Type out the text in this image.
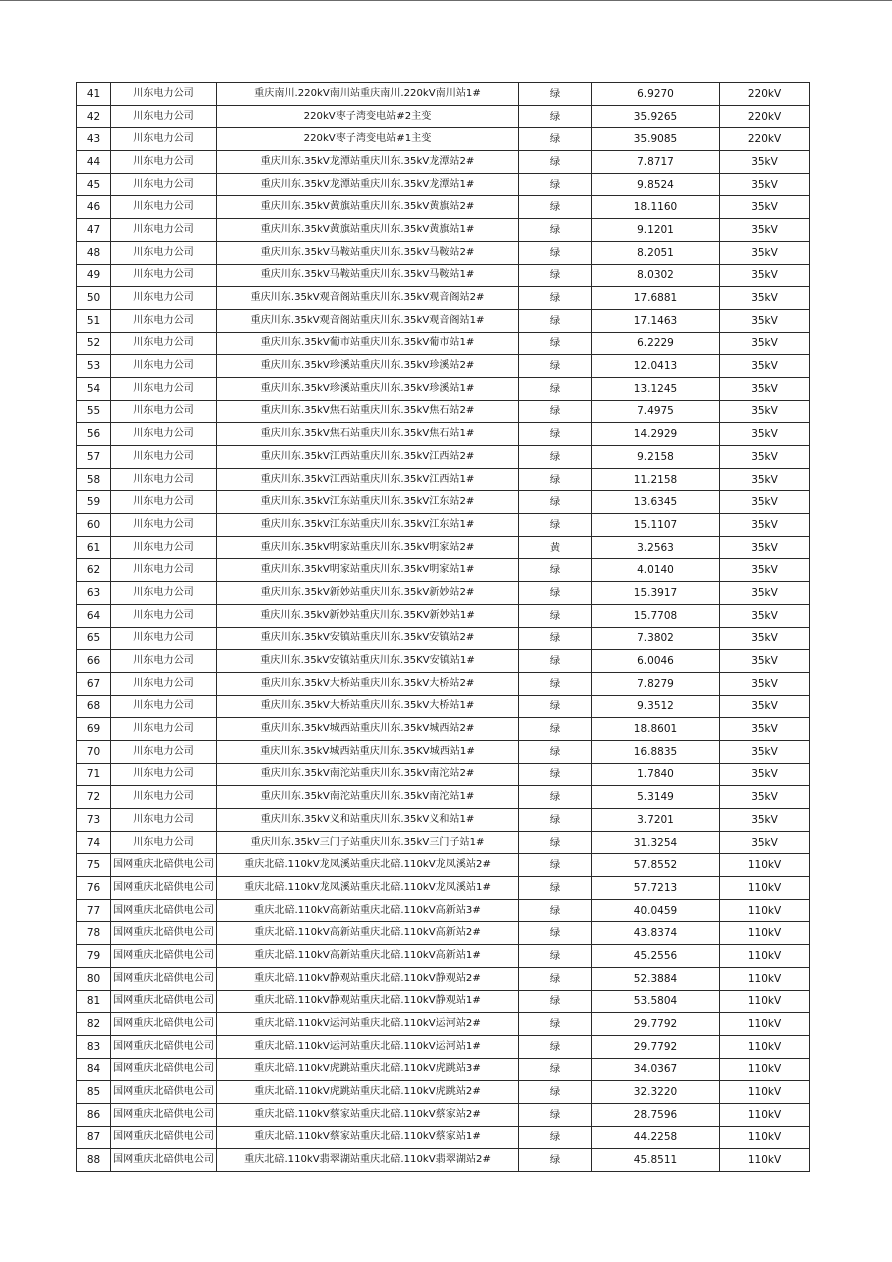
41	川东电力公司	重庆南川.220kV南川站重庆南川.220kV南川站1#	绿	6.9270	220kV
42	川东电力公司	220kV枣子湾变电站#2主变	绿	35.9265	220kV
43	川东电力公司	220kV枣子湾变电站#1主变	绿	35.9085	220kV
44	川东电力公司	重庆川东.35kV龙潭站重庆川东.35kV龙潭站2#	绿	7.8717	35kV
45	川东电力公司	重庆川东.35kV龙潭站重庆川东.35kV龙潭站1#	绿	9.8524	35kV
46	川东电力公司	重庆川东.35kV黄旗站重庆川东.35kV黄旗站2#	绿	18.1160	35kV
47	川东电力公司	重庆川东.35kV黄旗站重庆川东.35kV黄旗站1#	绿	9.1201	35kV
48	川东电力公司	重庆川东.35kV马鞍站重庆川东.35kV马鞍站2#	绿	8.2051	35kV
49	川东电力公司	重庆川东.35kV马鞍站重庆川东.35kV马鞍站1#	绿	8.0302	35kV
50	川东电力公司	重庆川东.35kV观音阁站重庆川东.35kV观音阁站2#	绿	17.6881	35kV
51	川东电力公司	重庆川东.35kV观音阁站重庆川东.35kV观音阁站1#	绿	17.1463	35kV
52	川东电力公司	重庆川东.35kV葡市站重庆川东.35kV葡市站1#	绿	6.2229	35kV
53	川东电力公司	重庆川东.35kV珍溪站重庆川东.35kV珍溪站2#	绿	12.0413	35kV
54	川东电力公司	重庆川东.35kV珍溪站重庆川东.35kV珍溪站1#	绿	13.1245	35kV
55	川东电力公司	重庆川东.35kV焦石站重庆川东.35kV焦石站2#	绿	7.4975	35kV
56	川东电力公司	重庆川东.35kV焦石站重庆川东.35kV焦石站1#	绿	14.2929	35kV
57	川东电力公司	重庆川东.35kV江西站重庆川东.35kV江西站2#	绿	9.2158	35kV
58	川东电力公司	重庆川东.35kV江西站重庆川东.35kV江西站1#	绿	11.2158	35kV
59	川东电力公司	重庆川东.35kV江东站重庆川东.35kV江东站2#	绿	13.6345	35kV
60	川东电力公司	重庆川东.35kV江东站重庆川东.35kV江东站1#	绿	15.1107	35kV
61	川东电力公司	重庆川东.35kV明家站重庆川东.35kV明家站2#	黄	3.2563	35kV
62	川东电力公司	重庆川东.35kV明家站重庆川东.35kV明家站1#	绿	4.0140	35kV
63	川东电力公司	重庆川东.35kV新妙站重庆川东.35kV新妙站2#	绿	15.3917	35kV
64	川东电力公司	重庆川东.35kV新妙站重庆川东.35KV新妙站1#	绿	15.7708	35kV
65	川东电力公司	重庆川东.35kV安镇站重庆川东.35kV安镇站2#	绿	7.3802	35kV
66	川东电力公司	重庆川东.35kV安镇站重庆川东.35KV安镇站1#	绿	6.0046	35kV
67	川东电力公司	重庆川东.35kV大桥站重庆川东.35kV大桥站2#	绿	7.8279	35kV
68	川东电力公司	重庆川东.35kV大桥站重庆川东.35kV大桥站1#	绿	9.3512	35kV
69	川东电力公司	重庆川东.35kV城西站重庆川东.35kV城西站2#	绿	18.8601	35kV
70	川东电力公司	重庆川东.35kV城西站重庆川东.35KV城西站1#	绿	16.8835	35kV
71	川东电力公司	重庆川东.35kV南沱站重庆川东.35kV南沱站2#	绿	1.7840	35kV
72	川东电力公司	重庆川东.35kV南沱站重庆川东.35kV南沱站1#	绿	5.3149	35kV
73	川东电力公司	重庆川东.35kV义和站重庆川东.35kV义和站1#	绿	3.7201	35kV
74	川东电力公司	重庆川东.35kV三门子站重庆川东.35kV三门子站1#	绿	31.3254	35kV
75	国网重庆北碚供电公司	重庆北碚.110kV龙凤溪站重庆北碚.110kV龙凤溪站2#	绿	57.8552	110kV
76	国网重庆北碚供电公司	重庆北碚.110kV龙凤溪站重庆北碚.110kV龙凤溪站1#	绿	57.7213	110kV
77	国网重庆北碚供电公司	重庆北碚.110kV高新站重庆北碚.110kV高新站3#	绿	40.0459	110kV
78	国网重庆北碚供电公司	重庆北碚.110kV高新站重庆北碚.110kV高新站2#	绿	43.8374	110kV
79	国网重庆北碚供电公司	重庆北碚.110kV高新站重庆北碚.110kV高新站1#	绿	45.2556	110kV
80	国网重庆北碚供电公司	重庆北碚.110kV静观站重庆北碚.110kV静观站2#	绿	52.3884	110kV
81	国网重庆北碚供电公司	重庆北碚.110kV静观站重庆北碚.110kV静观站1#	绿	53.5804	110kV
82	国网重庆北碚供电公司	重庆北碚.110kV运河站重庆北碚.110kV运河站2#	绿	29.7792	110kV
83	国网重庆北碚供电公司	重庆北碚.110kV运河站重庆北碚.110kV运河站1#	绿	29.7792	110kV
84	国网重庆北碚供电公司	重庆北碚.110kV虎跳站重庆北碚.110kV虎跳站3#	绿	34.0367	110kV
85	国网重庆北碚供电公司	重庆北碚.110kV虎跳站重庆北碚.110kV虎跳站2#	绿	32.3220	110kV
86	国网重庆北碚供电公司	重庆北碚.110kV蔡家站重庆北碚.110kV蔡家站2#	绿	28.7596	110kV
87	国网重庆北碚供电公司	重庆北碚.110kV蔡家站重庆北碚.110kV蔡家站1#	绿	44.2258	110kV
88	国网重庆北碚供电公司	重庆北碚.110kV翡翠湖站重庆北碚.110kV翡翠湖站2#	绿	45.8511	110kV
